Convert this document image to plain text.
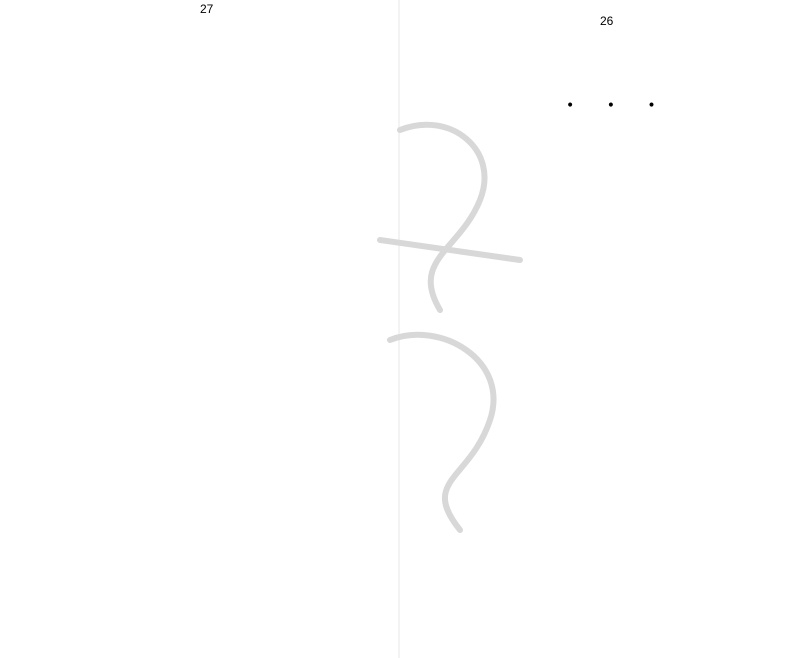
27
26
• • •
